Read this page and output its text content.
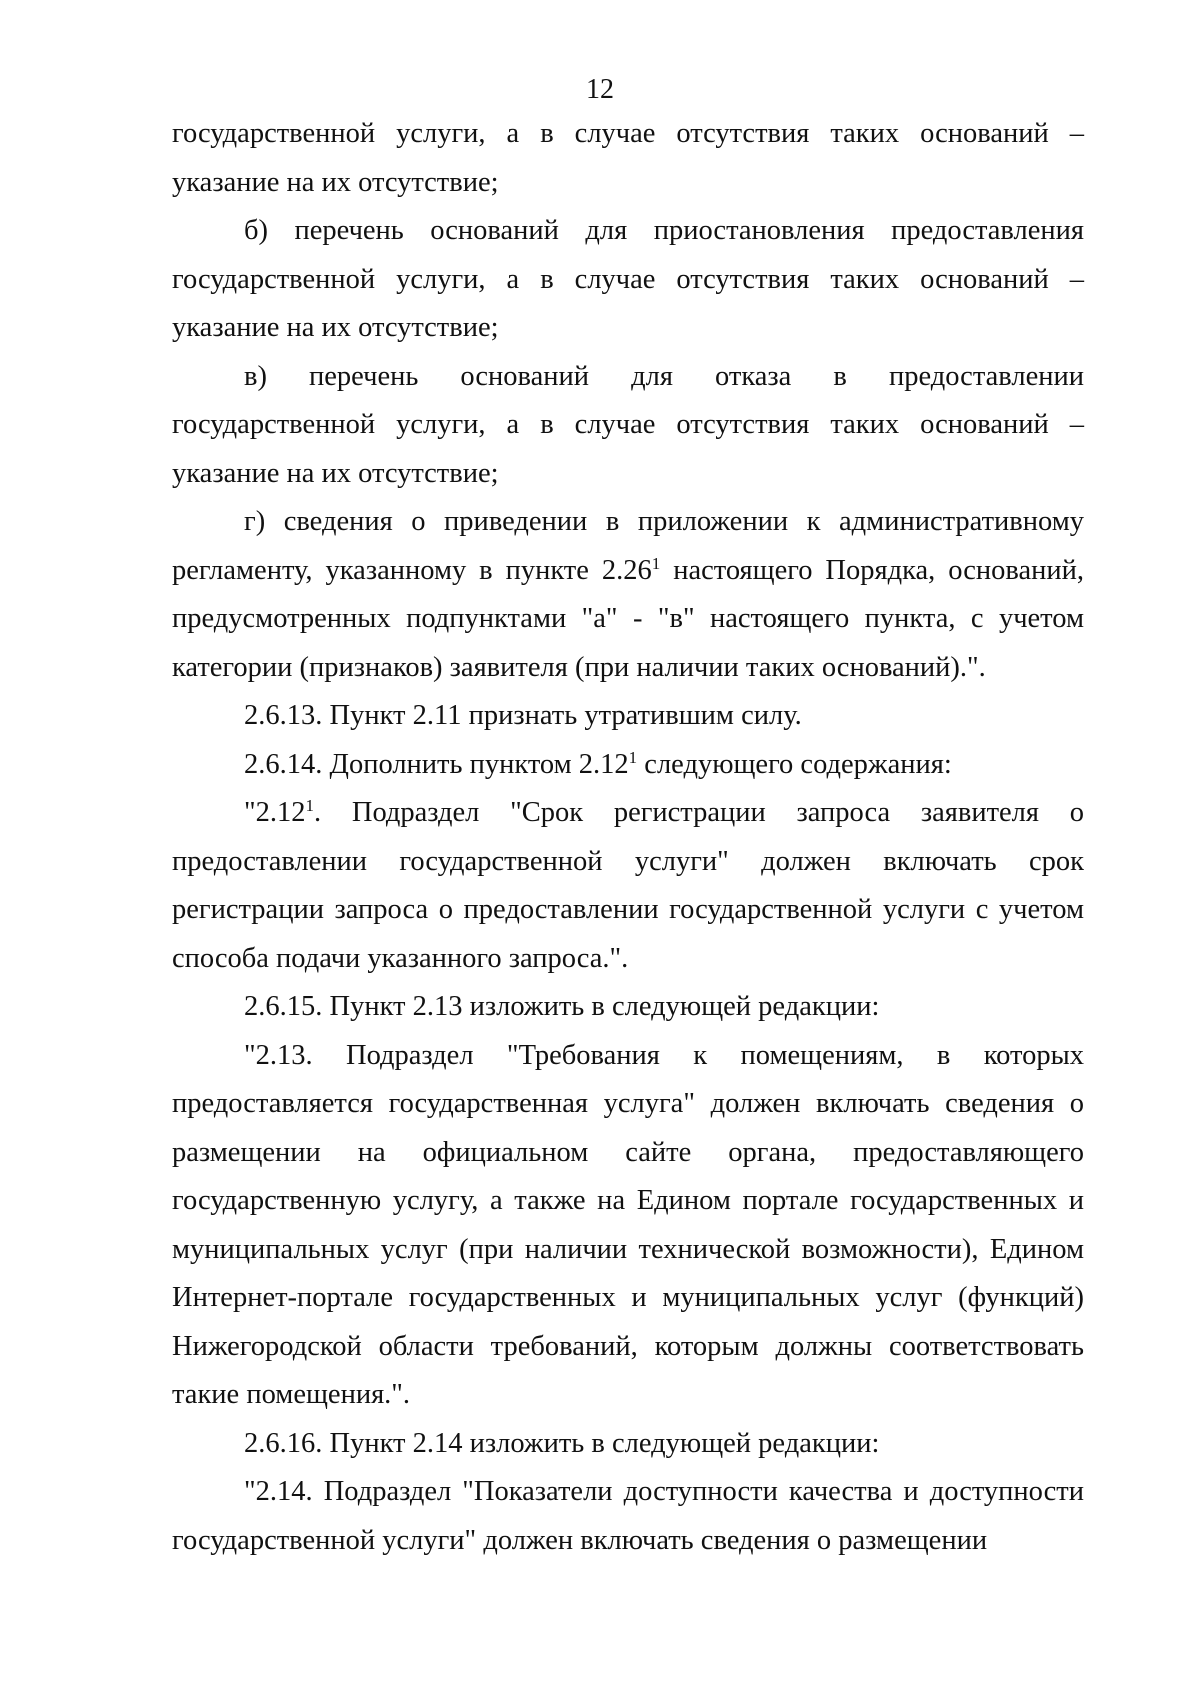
12

государственной услуги, а в случае отсутствия таких оснований – указание на их отсутствие;

б) перечень оснований для приостановления предоставления государственной услуги, а в случае отсутствия таких оснований – указание на их отсутствие;

в) перечень оснований для отказа в предоставлении государственной услуги, а в случае отсутствия таких оснований – указание на их отсутствие;

г) сведения о приведении в приложении к административному регламенту, указанному в пункте 2.26$^1$ настоящего Порядка, оснований, предусмотренных подпунктами "а" - "в" настоящего пункта, с учетом категории (признаков) заявителя (при наличии таких оснований).".

2.6.13. Пункт 2.11 признать утратившим силу.

2.6.14. Дополнить пунктом 2.12$^1$ следующего содержания:

"2.12$^1$. Подраздел "Срок регистрации запроса заявителя о предоставлении государственной услуги" должен включать срок регистрации запроса о предоставлении государственной услуги с учетом способа подачи указанного запроса.".

2.6.15. Пункт 2.13 изложить в следующей редакции:

"2.13. Подраздел "Требования к помещениям, в которых предоставляется государственная услуга" должен включать сведения о размещении на официальном сайте органа, предоставляющего государственную услугу, а также на Едином портале государственных и муниципальных услуг (при наличии технической возможности), Едином Интернет-портале государственных и муниципальных услуг (функций) Нижегородской области требований, которым должны соответствовать такие помещения.".

2.6.16. Пункт 2.14 изложить в следующей редакции:

"2.14. Подраздел "Показатели доступности качества и доступности государственной услуги" должен включать сведения о размещении
